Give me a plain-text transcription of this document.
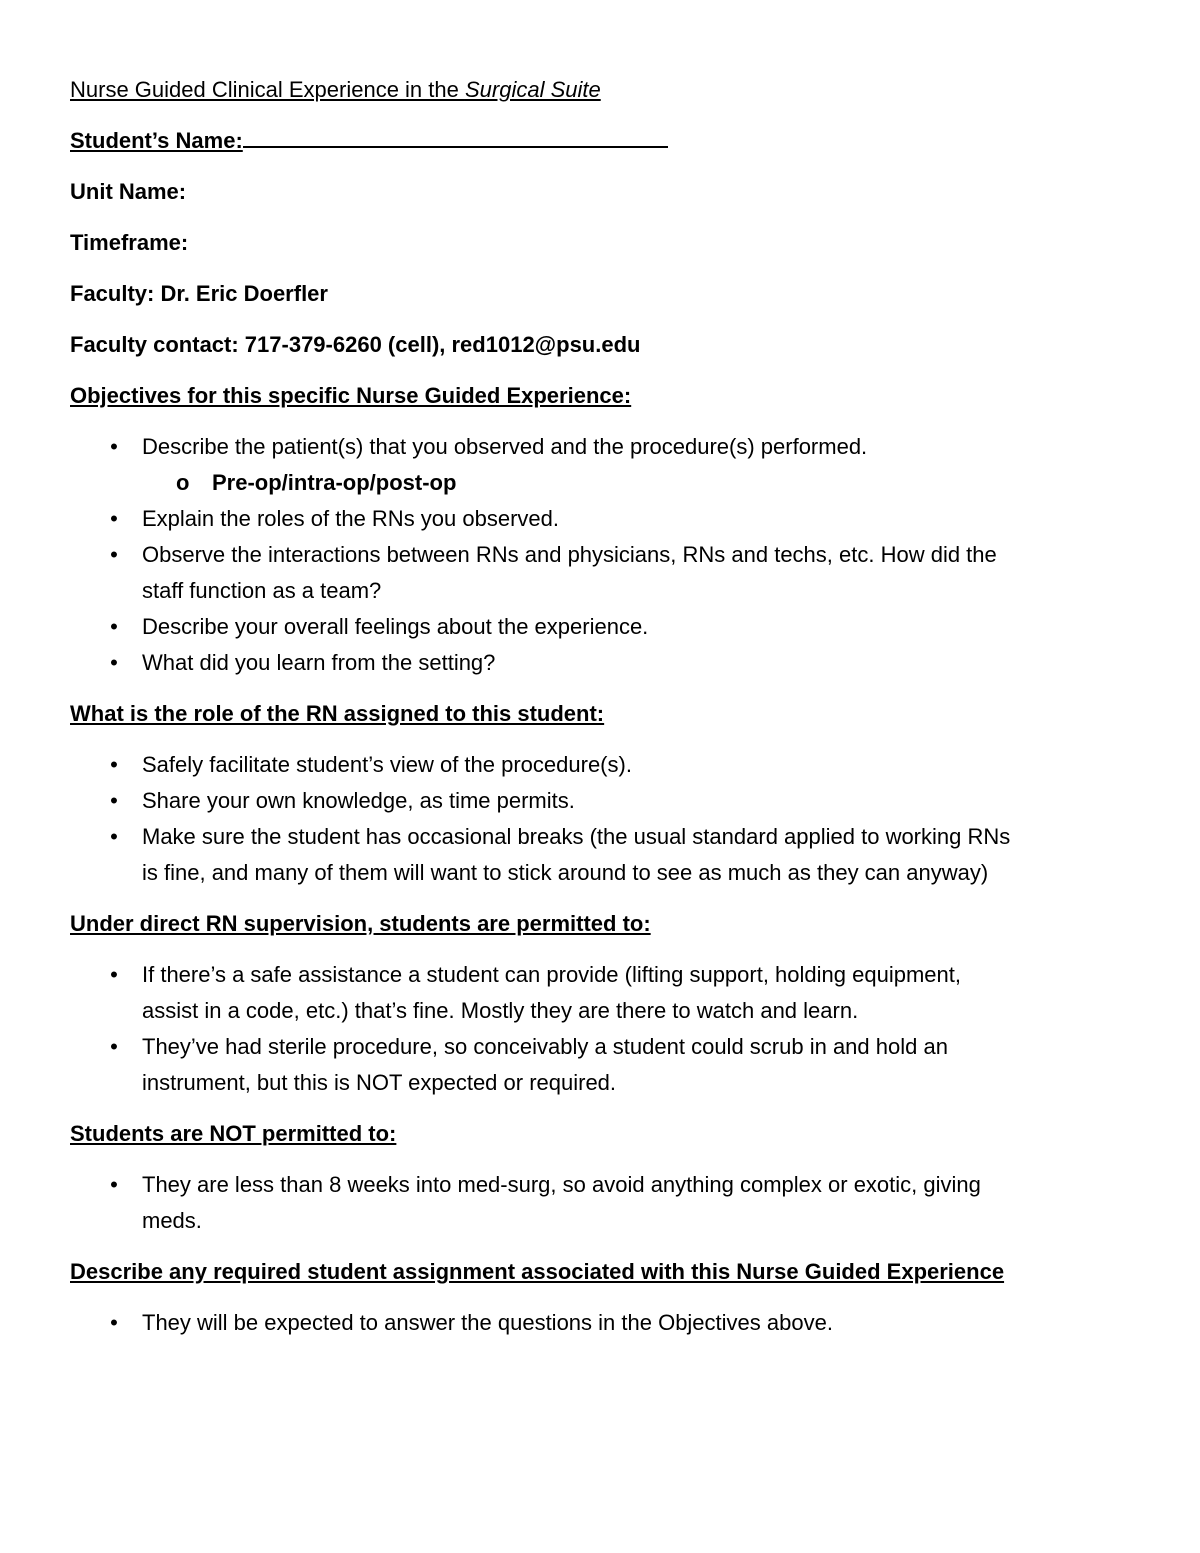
Nurse Guided Clinical Experience in the Surgical Suite
Student’s Name:
Unit Name:
Timeframe:
Faculty: Dr. Eric Doerfler
Faculty contact: 717-379-6260 (cell), red1012@psu.edu
Objectives for this specific Nurse Guided Experience:
• Describe the patient(s) that you observed and the procedure(s) performed.
o Pre-op/intra-op/post-op
• Explain the roles of the RNs you observed.
• Observe the interactions between RNs and physicians, RNs and techs, etc. How did the
staff function as a team?
• Describe your overall feelings about the experience.
• What did you learn from the setting?
What is the role of the RN assigned to this student:
• Safely facilitate student’s view of the procedure(s).
• Share your own knowledge, as time permits.
• Make sure the student has occasional breaks (the usual standard applied to working RNs
is fine, and many of them will want to stick around to see as much as they can anyway)
Under direct RN supervision, students are permitted to:
• If there’s a safe assistance a student can provide (lifting support, holding equipment,
assist in a code, etc.) that’s fine. Mostly they are there to watch and learn.
• They’ve had sterile procedure, so conceivably a student could scrub in and hold an
instrument, but this is NOT expected or required.
Students are NOT permitted to:
• They are less than 8 weeks into med-surg, so avoid anything complex or exotic, giving
meds.
Describe any required student assignment associated with this Nurse Guided Experience
• They will be expected to answer the questions in the Objectives above.
